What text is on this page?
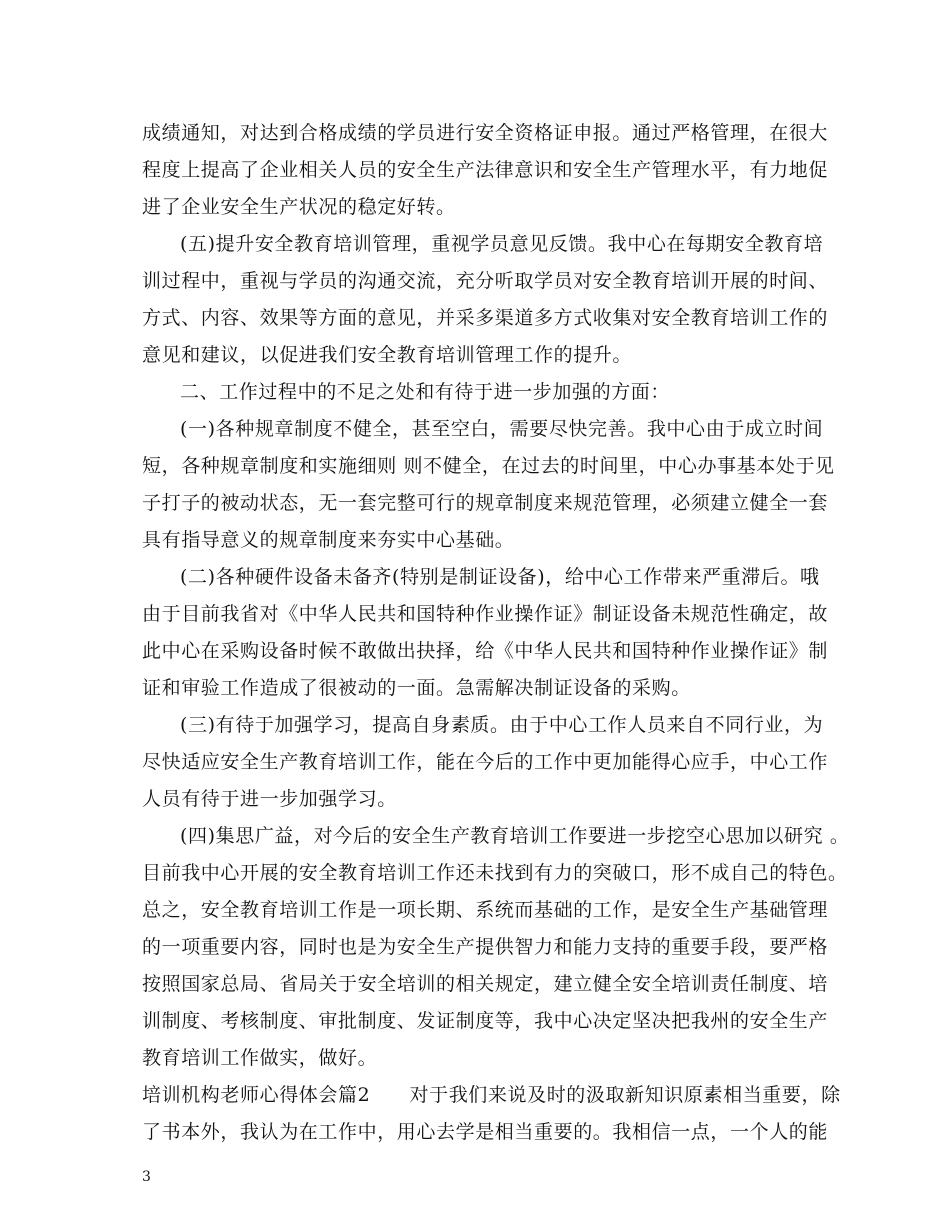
成绩通知，对达到合格成绩的学员进行安全资格证申报。通过严格管理，在很大
程度上提高了企业相关人员的安全生产法律意识和安全生产管理水平，有力地促
进了企业安全生产状况的稳定好转。
(五)提升安全教育培训管理，重视学员意见反馈。我中心在每期安全教育培
训过程中，重视与学员的沟通交流，充分听取学员对安全教育培训开展的时间、
方式、内容、效果等方面的意见，并采多渠道多方式收集对安全教育培训工作的
意见和建议，以促进我们安全教育培训管理工作的提升。
二、工作过程中的不足之处和有待于进一步加强的方面：
(一)各种规章制度不健全，甚至空白，需要尽快完善。我中心由于成立时间
短，各种规章制度和实施细则 则不健全，在过去的时间里，中心办事基本处于见
子打子的被动状态，无一套完整可行的规章制度来规范管理，必须建立健全一套
具有指导意义的规章制度来夯实中心基础。
(二)各种硬件设备未备齐(特别是制证设备)，给中心工作带来严重滞后。哦
由于目前我省对《中华人民共和国特种作业操作证》制证设备未规范性确定，故
此中心在采购设备时候不敢做出抉择，给《中华人民共和国特种作业操作证》制
证和审验工作造成了很被动的一面。急需解决制证设备的采购。
(三)有待于加强学习，提高自身素质。由于中心工作人员来自不同行业，为
尽快适应安全生产教育培训工作，能在今后的工作中更加能得心应手，中心工作
人员有待于进一步加强学习。
(四)集思广益，对今后的安全生产教育培训工作要进一步挖空心思加以研究 。
目前我中心开展的安全教育培训工作还未找到有力的突破口，形不成自己的特色。
总之，安全教育培训工作是一项长期、系统而基础的工作，是安全生产基础管理
的一项重要内容，同时也是为安全生产提供智力和能力支持的重要手段，要严格
按照国家总局、省局关于安全培训的相关规定，建立健全安全培训责任制度、培
训制度、考核制度、审批制度、发证制度等，我中心决定坚决把我州的安全生产
教育培训工作做实，做好。
培训机构老师心得体会篇2　　对于我们来说及时的汲取新知识原素相当重要，除
了书本外，我认为在工作中，用心去学是相当重要的。我相信一点，一个人的能
3
